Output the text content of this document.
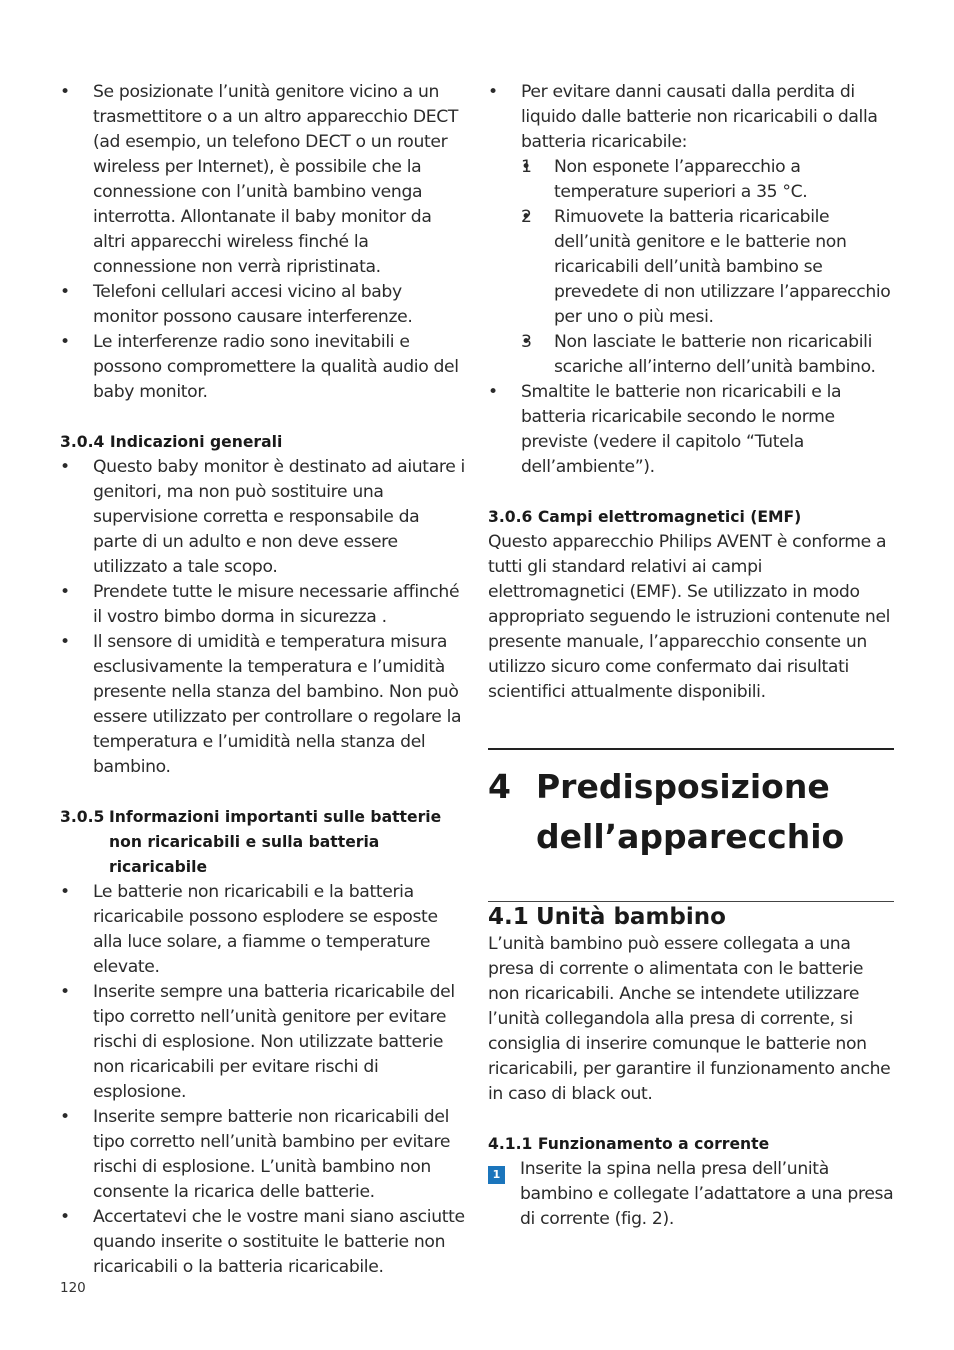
• Se posizionate l’unità genitore vicino a un trasmettitore o a un altro apparecchio DECT (ad esempio, un telefono DECT o un router wireless per Internet), è possibile che la connessione con l’unità bambino venga interrotta. Allontanate il baby monitor da altri apparecchi wireless finché la connessione non verrà ripristinata.
• Telefoni cellulari accesi vicino al baby monitor possono causare interferenze.
• Le interferenze radio sono inevitabili e possono compromettere la qualità audio del baby monitor.
3.0.4 Indicazioni generali
• Questo baby monitor è destinato ad aiutare i genitori, ma non può sostituire una supervisione corretta e responsabile da parte di un adulto e non deve essere utilizzato a tale scopo.
• Prendete tutte le misure necessarie affinché il vostro bimbo dorma in sicurezza .
• Il sensore di umidità e temperatura misura esclusivamente la temperatura e l’umidità presente nella stanza del bambino. Non può essere utilizzato per controllare o regolare la temperatura e l’umidità nella stanza del bambino.
3.0.5 Informazioni importanti sulle batterie non ricaricabili e sulla batteria ricaricabile
• Le batterie non ricaricabili e la batteria ricaricabile possono esplodere se esposte alla luce solare, a fiamme o temperature elevate.
• Inserite sempre una batteria ricaricabile del tipo corretto nell’unità genitore per evitare rischi di esplosione. Non utilizzate batterie non ricaricabili per evitare rischi di esplosione.
• Inserite sempre batterie non ricaricabili del tipo corretto nell’unità bambino per evitare rischi di esplosione. L’unità bambino non consente la ricarica delle batterie.
• Accertatevi che le vostre mani siano asciutte quando inserite o sostituite le batterie non ricaricabili o la batteria ricaricabile.
• Per evitare danni causati dalla perdita di liquido dalle batterie non ricaricabili o dalla batteria ricaricabile:
• 1 Non esponete l’apparecchio a temperature superiori a 35 °C.
• 2 Rimuovete la batteria ricaricabile dell’unità genitore e le batterie non ricaricabili dell’unità bambino se prevedete di non utilizzare l’apparecchio per uno o più mesi.
• 3 Non lasciate le batterie non ricaricabili scariche all’interno dell’unità bambino.
• Smaltite le batterie non ricaricabili e la batteria ricaricabile secondo le norme previste (vedere il capitolo “Tutela dell’ambiente”).
3.0.6 Campi elettromagnetici (EMF)
Questo apparecchio Philips AVENT è conforme a tutti gli standard relativi ai campi elettromagnetici (EMF). Se utilizzato in modo appropriato seguendo le istruzioni contenute nel presente manuale, l’apparecchio consente un utilizzo sicuro come confermato dai risultati scientifici attualmente disponibili.
4 Predisposizione dell’apparecchio
4.1 Unità bambino
L’unità bambino può essere collegata a una presa di corrente o alimentata con le batterie non ricaricabili. Anche se intendete utilizzare l’unità collegandola alla presa di corrente, si consiglia di inserire comunque le batterie non ricaricabili, per garantire il funzionamento anche in caso di black out.
4.1.1 Funzionamento a corrente
1	Inserite la spina nella presa dell’unità bambino e collegate l’adattatore a una presa di corrente (fig. 2).
120
